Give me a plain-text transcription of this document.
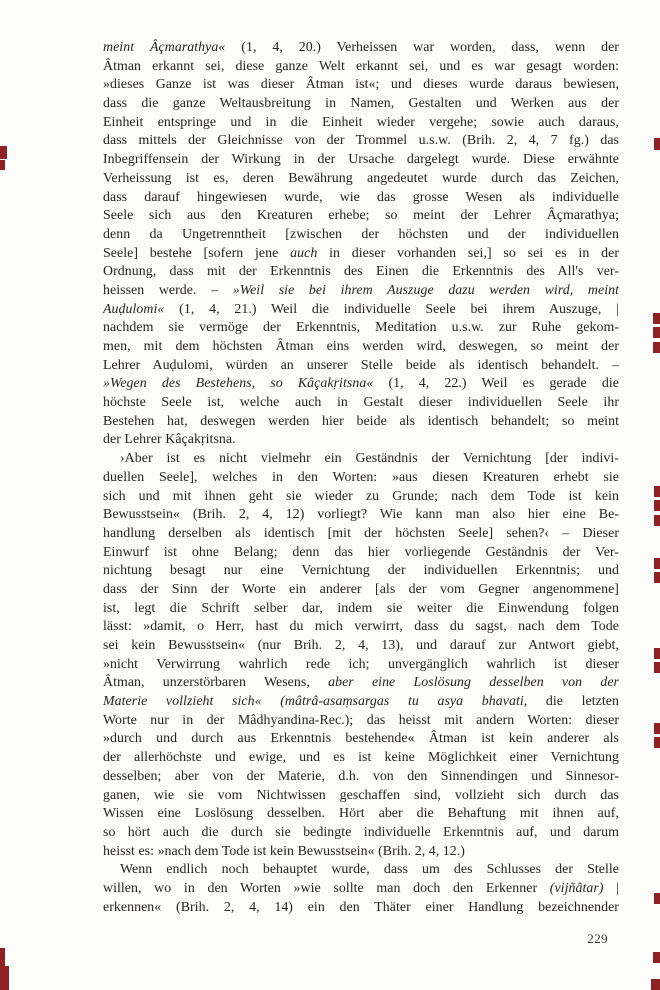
meint Âçmarathya« (1, 4, 20.) Verheissen war worden, dass, wenn der
Âtman erkannt sei, diese ganze Welt erkannt sei, und es war gesagt worden:
»dieses Ganze ist was dieser Âtman ist«; und dieses wurde daraus bewiesen,
dass die ganze Weltausbreitung in Namen, Gestalten und Werken aus der
Einheit entspringe und in die Einheit wieder vergehe; sowie auch daraus,
dass mittels der Gleichnisse von der Trommel u.s.w. (Brih. 2, 4, 7 fg.) das
Inbegriffensein der Wirkung in der Ursache dargelegt wurde. Diese erwähnte
Verheissung ist es, deren Bewährung angedeutet wurde durch das Zeichen,
dass darauf hingewiesen wurde, wie das grosse Wesen als individuelle
Seele sich aus den Kreaturen erhebe; so meint der Lehrer Âçmarathya;
denn da Ungetrenntheit [zwischen der höchsten und der individuellen
Seele] bestehe [sofern jene auch in dieser vorhanden sei,] so sei es in der
Ordnung, dass mit der Erkenntnis des Einen die Erkenntnis des All's ver-
heissen werde. – »Weil sie bei ihrem Auszuge dazu werden wird, meint
Auḍulomi« (1, 4, 21.) Weil die individuelle Seele bei ihrem Auszuge, |
nachdem sie vermöge der Erkenntnis, Meditation u.s.w. zur Ruhe gekom-
men, mit dem höchsten Âtman eins werden wird, deswegen, so meint der
Lehrer Auḍulomi, würden an unserer Stelle beide als identisch behandelt. –
»Wegen des Bestehens, so Kâçakṛitsna« (1, 4, 22.) Weil es gerade die
höchste Seele ist, welche auch in Gestalt dieser individuellen Seele ihr
Bestehen hat, deswegen werden hier beide als identisch behandelt; so meint
der Lehrer Kâçakṛitsna.
›Aber ist es nicht vielmehr ein Geständnis der Vernichtung [der indivi-
duellen Seele], welches in den Worten: »aus diesen Kreaturen erhebt sie
sich und mit ihnen geht sie wieder zu Grunde; nach dem Tode ist kein
Bewusstsein« (Brih. 2, 4, 12) vorliegt? Wie kann man also hier eine Be-
handlung derselben als identisch [mit der höchsten Seele] sehen?‹ – Dieser
Einwurf ist ohne Belang; denn das hier vorliegende Geständnis der Ver-
nichtung besagt nur eine Vernichtung der individuellen Erkenntnis; und
dass der Sinn der Worte ein anderer [als der vom Gegner angenommene]
ist, legt die Schrift selber dar, indem sie weiter die Einwendung folgen
lässt: »damit, o Herr, hast du mich verwirrt, dass du sagst, nach dem Tode
sei kein Bewusstsein« (nur Brih. 2, 4, 13), und darauf zur Antwort giebt,
»nicht Verwirrung wahrlich rede ich; unvergänglich wahrlich ist dieser
Âtman, unzerstörbaren Wesens, aber eine Loslösung desselben von der
Materie vollzieht sich« (mâtrâ-asaṃsargas tu asya bhavati, die letzten
Worte nur in der Mâdhyandina-Rec.); das heisst mit andern Worten: dieser
»durch und durch aus Erkenntnis bestehende« Âtman ist kein anderer als
der allerhöchste und ewige, und es ist keine Möglichkeit einer Vernichtung
desselben; aber von der Materie, d.h. von den Sinnendingen und Sinnesor-
ganen, wie sie vom Nichtwissen geschaffen sind, vollzieht sich durch das
Wissen eine Loslösung desselben. Hört aber die Behaftung mit ihnen auf,
so hört auch die durch sie bedingte individuelle Erkenntnis auf, und darum
heisst es: »nach dem Tode ist kein Bewusstsein« (Brih. 2, 4, 12.)
Wenn endlich noch behauptet wurde, dass um des Schlusses der Stelle
willen, wo in den Worten »wie sollte man doch den Erkenner (vijñâtar) |
erkennen« (Brih. 2, 4, 14) ein den Thäter einer Handlung bezeichnender
229
